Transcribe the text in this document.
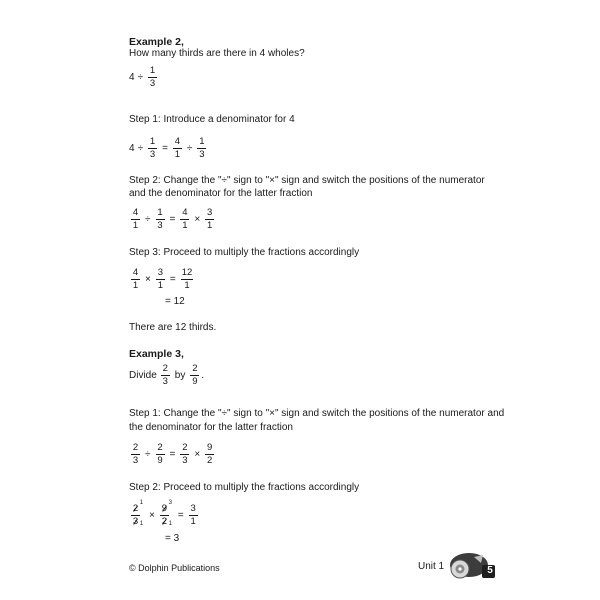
Example 2,
How many thirds are there in 4 wholes?
$4 \div \frac{1}{3}$
Step 1: Introduce a denominator for 4
$4 \div \frac{1}{3} = \frac{4}{1} \div \frac{1}{3}$
Step 2: Change the "÷" sign to "×" sign and switch the positions of the numerator
and the denominator for the latter fraction
$\frac{4}{1} \div \frac{1}{3} = \frac{4}{1} \times \frac{3}{1}$
Step 3: Proceed to multiply the fractions accordingly
$\frac{4}{1} \times \frac{3}{1} = \frac{12}{1}$
= 12
There are 12 thirds.
Example 3,
Divide $\frac{2}{3}$ by $\frac{2}{9}$ .
Step 1: Change the "÷" sign to "×" sign and switch the positions of the numerator and
the denominator for the latter fraction
$\frac{2}{3} \div \frac{2}{9} = \frac{2}{3} \times \frac{9}{2}$
Step 2: Proceed to multiply the fractions accordingly
$\frac{2 1}{3 1} \times \frac{9 3}{2 1} = \frac{3}{1}$
= 3
© Dolphin Publications	Unit 1	5
